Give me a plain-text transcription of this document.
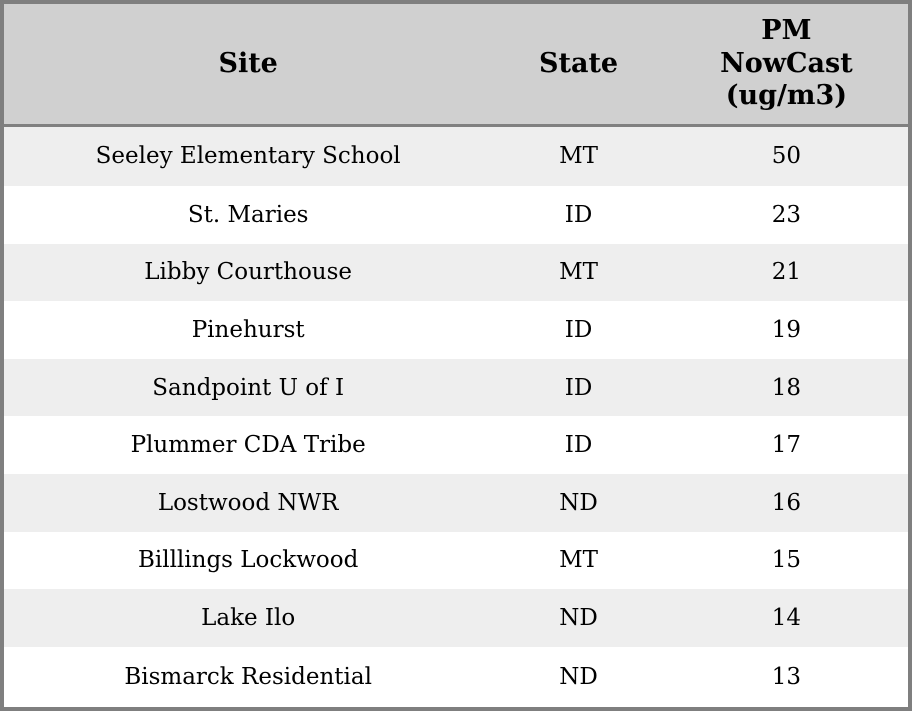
Site	State	PM NowCast (ug/m3)
Seeley Elementary School	MT	50
St. Maries	ID	23
Libby Courthouse	MT	21
Pinehurst	ID	19
Sandpoint U of I	ID	18
Plummer CDA Tribe	ID	17
Lostwood NWR	ND	16
Billlings Lockwood	MT	15
Lake Ilo	ND	14
Bismarck Residential	ND	13
